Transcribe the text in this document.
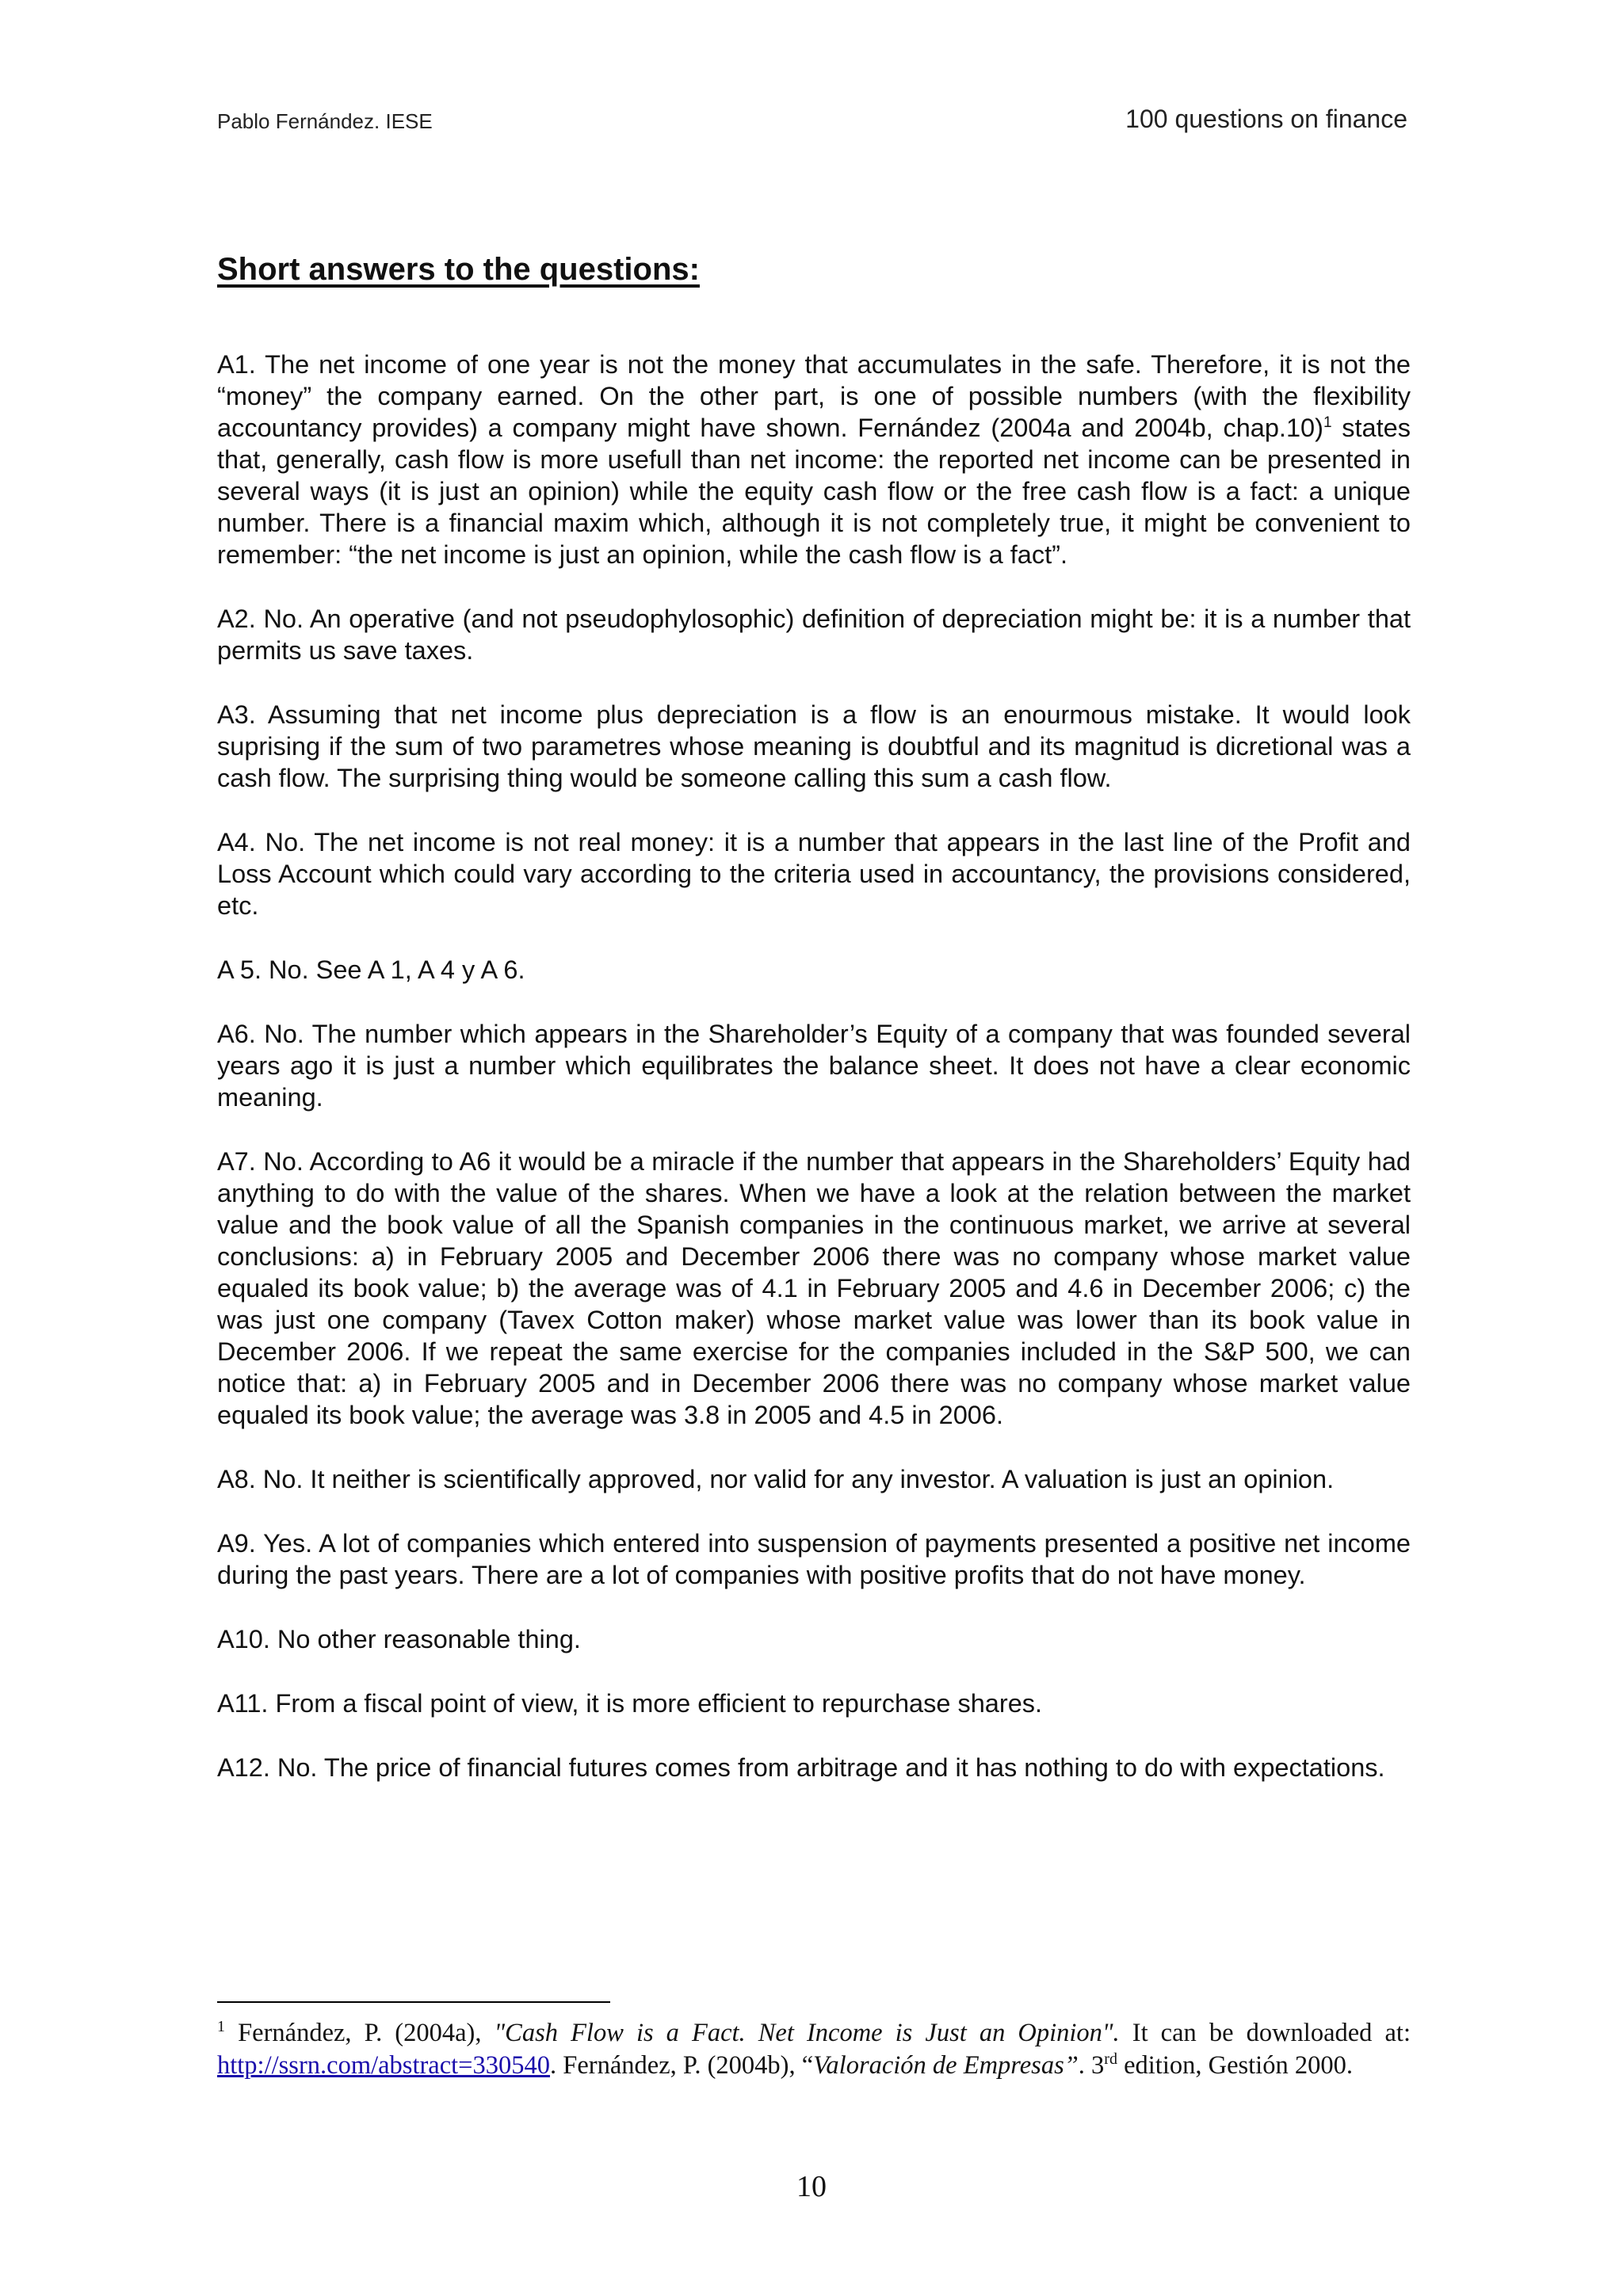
Pablo Fernández. IESE	100 questions on finance
Short answers to the questions:

A1. The net income of one year is not the money that accumulates in the safe. Therefore, it is not the “money” the company earned. On the other part, is one of possible numbers (with the flexibility accountancy provides) a company might have shown. Fernández (2004a and 2004b, chap.10)$^1$ states that, generally, cash flow is more usefull than net income: the reported net income can be presented in several ways (it is just an opinion) while the equity cash flow or the free cash flow is a fact: a unique number. There is a financial maxim which, although it is not completely true, it might be convenient to remember: “the net income is just an opinion, while the cash flow is a fact”.

A2. No. An operative (and not pseudophylosophic) definition of depreciation might be: it is a number that permits us save taxes.

A3. Assuming that net income plus depreciation is a flow is an enourmous mistake. It would look suprising if the sum of two parametres whose meaning is doubtful and its magnitud is dicretional was a cash flow. The surprising thing would be someone calling this sum a cash flow.

A4. No. The net income is not real money: it is a number that appears in the last line of the Profit and Loss Account which could vary according to the criteria used in accountancy, the provisions considered, etc.

A 5. No. See A 1, A 4 y A 6.

A6. No. The number which appears in the Shareholder’s Equity of a company that was founded several years ago it is just a number which equilibrates the balance sheet. It does not have a clear economic meaning.

A7. No. According to A6 it would be a miracle if the number that appears in the Shareholders’ Equity had anything to do with the value of the shares. When we have a look at the relation between the market value and the book value of all the Spanish companies in the continuous market, we arrive at several conclusions: a) in February 2005 and December 2006 there was no company whose market value equaled its book value; b) the average was of 4.1 in February 2005 and 4.6 in December 2006; c) the was just one company (Tavex Cotton maker) whose market value was lower than its book value in December 2006. If we repeat the same exercise for the companies included in the S&P 500, we can notice that: a) in February 2005 and in December 2006 there was no company whose market value equaled its book value; the average was 3.8 in 2005 and 4.5 in 2006.

A8. No. It neither is scientifically approved, nor valid for any investor. A valuation is just an opinion.

A9. Yes. A lot of companies which entered into suspension of payments presented a positive net income during the past years. There are a lot of companies with positive profits that do not have money.

A10. No other reasonable thing.

A11. From a fiscal point of view, it is more efficient to repurchase shares.

A12. No. The price of financial futures comes from arbitrage and it has nothing to do with expectations.

$^1$ Fernández, P. (2004a), "Cash Flow is a Fact. Net Income is Just an Opinion". It can be downloaded at: http://ssrn.com/abstract=330540. Fernández, P. (2004b), “Valoración de Empresas”. 3rd edition, Gestión 2000.
10
